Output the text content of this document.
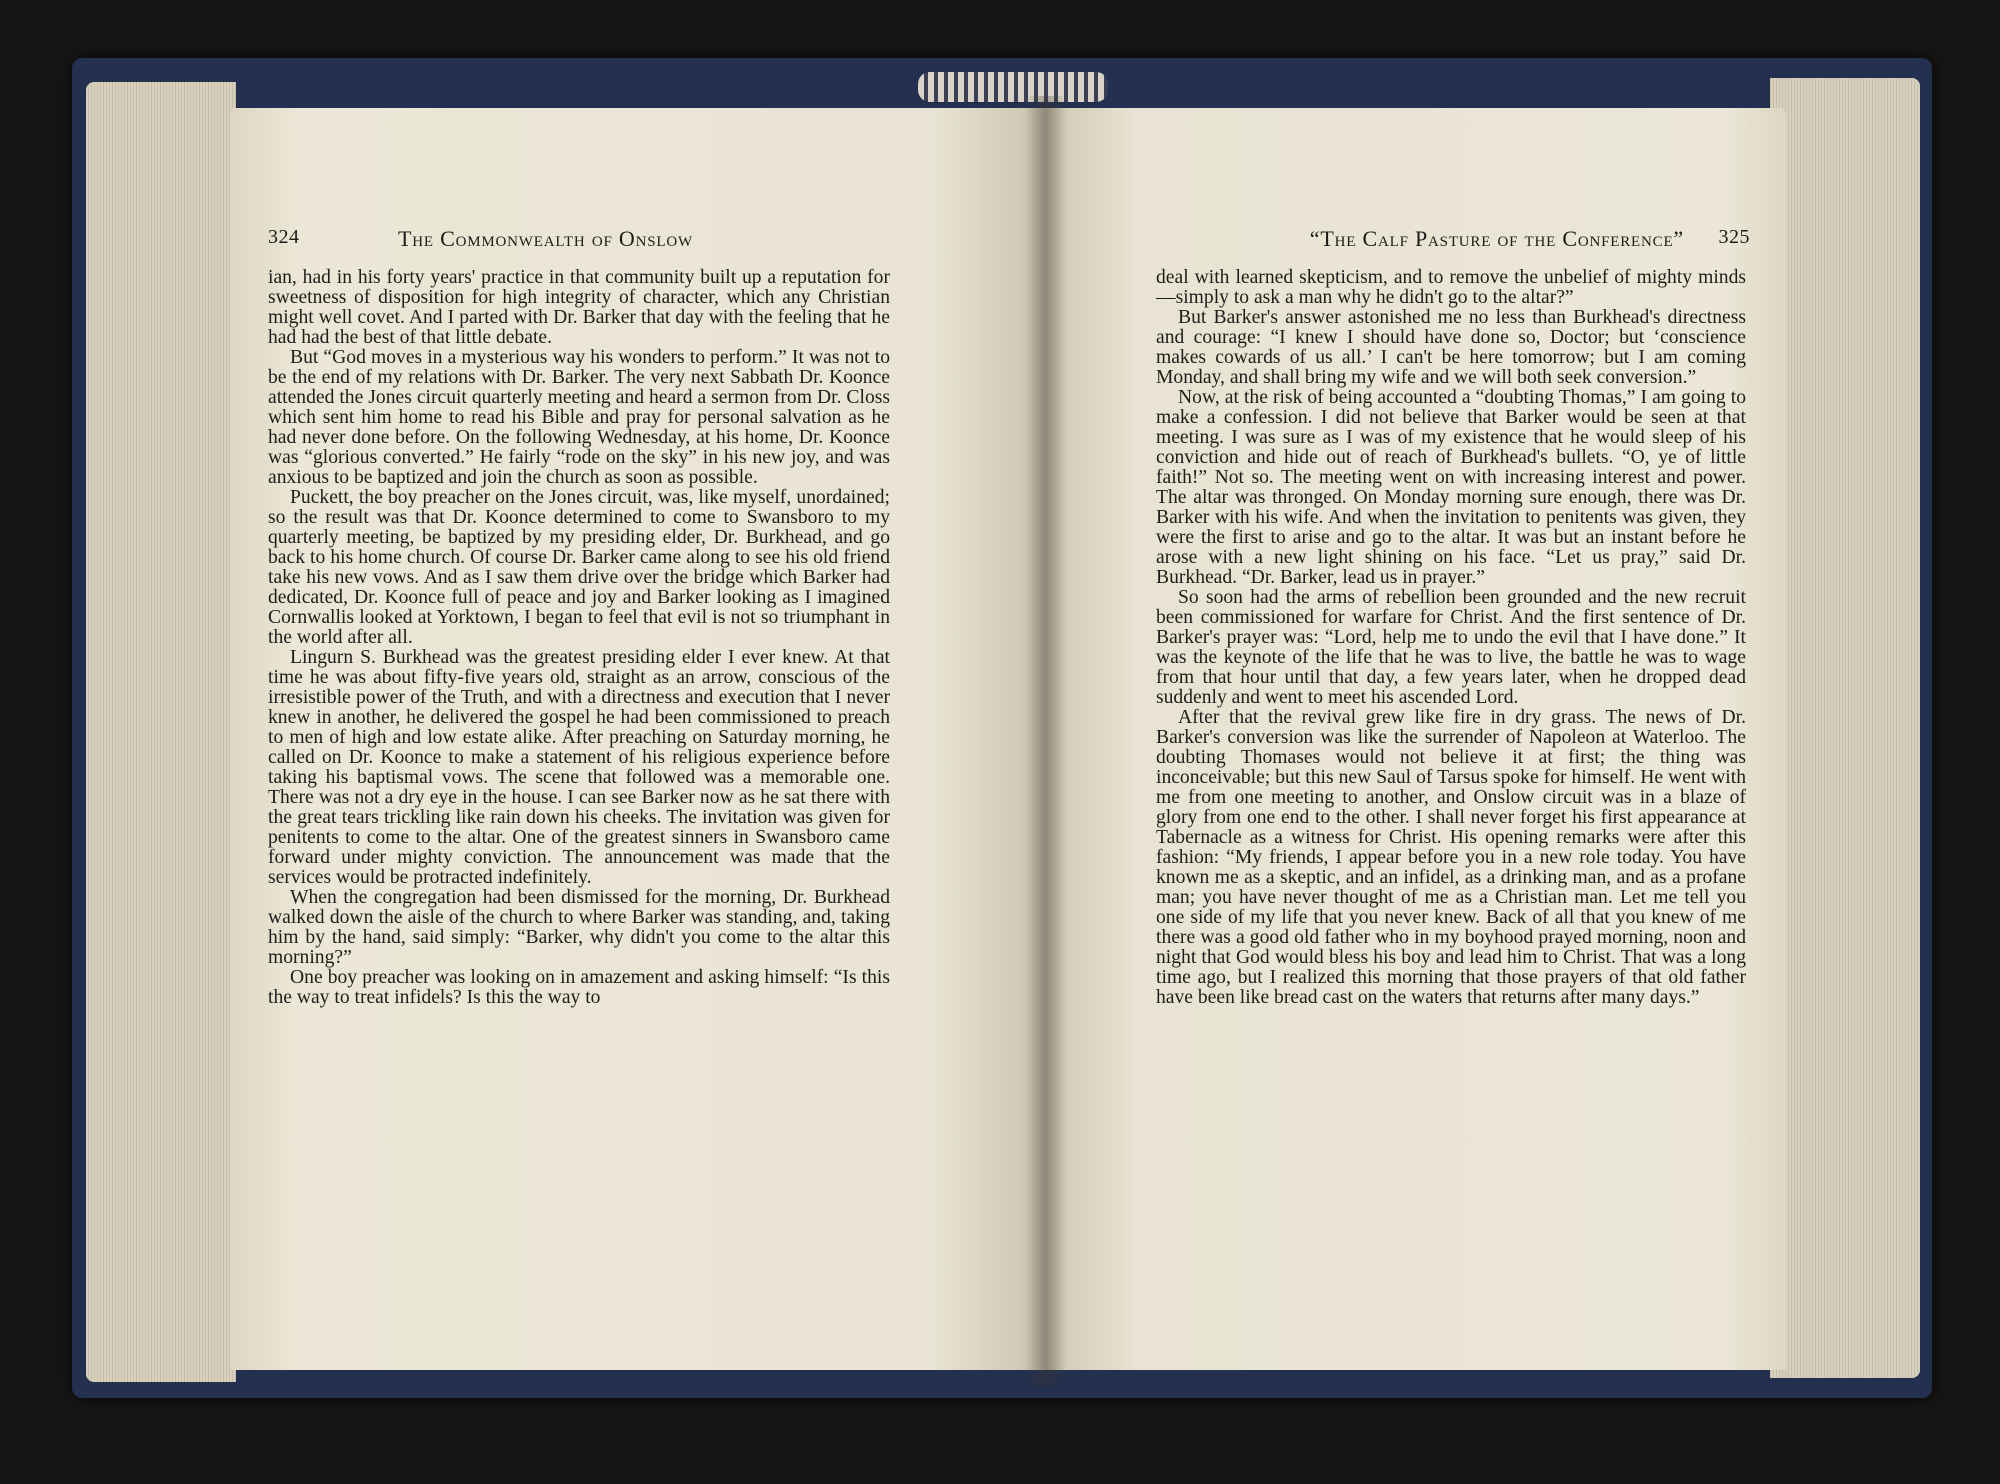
324	The Commonwealth of Onslow

ian, had in his forty years' practice in that community built up a reputation for sweetness of disposition for high integrity of character, which any Christian might well covet. And I parted with Dr. Barker that day with the feeling that he had had the best of that little debate.

But “God moves in a mysterious way his wonders to perform.” It was not to be the end of my relations with Dr. Barker. The very next Sabbath Dr. Koonce attended the Jones circuit quarterly meeting and heard a sermon from Dr. Closs which sent him home to read his Bible and pray for personal salvation as he had never done before. On the following Wednesday, at his home, Dr. Koonce was “glorious converted.” He fairly “rode on the sky” in his new joy, and was anxious to be baptized and join the church as soon as possible.

Puckett, the boy preacher on the Jones circuit, was, like myself, unordained; so the result was that Dr. Koonce determined to come to Swansboro to my quarterly meeting, be baptized by my presiding elder, Dr. Burkhead, and go back to his home church. Of course Dr. Barker came along to see his old friend take his new vows. And as I saw them drive over the bridge which Barker had dedicated, Dr. Koonce full of peace and joy and Barker looking as I imagined Cornwallis looked at Yorktown, I began to feel that evil is not so triumphant in the world after all.

Lingurn S. Burkhead was the greatest presiding elder I ever knew. At that time he was about fifty-five years old, straight as an arrow, conscious of the irresistible power of the Truth, and with a directness and execution that I never knew in another, he delivered the gospel he had been commissioned to preach to men of high and low estate alike. After preaching on Saturday morning, he called on Dr. Koonce to make a statement of his religious experience before taking his baptismal vows. The scene that followed was a memorable one. There was not a dry eye in the house. I can see Barker now as he sat there with the great tears trickling like rain down his cheeks. The invitation was given for penitents to come to the altar. One of the greatest sinners in Swansboro came forward under mighty conviction. The announcement was made that the services would be protracted indefinitely.

When the congregation had been dismissed for the morning, Dr. Burkhead walked down the aisle of the church to where Barker was standing, and, taking him by the hand, said simply: “Barker, why didn't you come to the altar this morning?”

One boy preacher was looking on in amazement and asking himself: “Is this the way to treat infidels? Is this the way to

“The Calf Pasture of the Conference” 325

deal with learned skepticism, and to remove the unbelief of mighty minds—simply to ask a man why he didn't go to the altar?”

But Barker's answer astonished me no less than Burkhead's directness and courage: “I knew I should have done so, Doctor; but ‘conscience makes cowards of us all.’ I can't be here tomorrow; but I am coming Monday, and shall bring my wife and we will both seek conversion.”

Now, at the risk of being accounted a “doubting Thomas,” I am going to make a confession. I did not believe that Barker would be seen at that meeting. I was sure as I was of my existence that he would sleep of his conviction and hide out of reach of Burkhead's bullets. “O, ye of little faith!” Not so. The meeting went on with increasing interest and power. The altar was thronged. On Monday morning sure enough, there was Dr. Barker with his wife. And when the invitation to penitents was given, they were the first to arise and go to the altar. It was but an instant before he arose with a new light shining on his face. “Let us pray,” said Dr. Burkhead. “Dr. Barker, lead us in prayer.”

So soon had the arms of rebellion been grounded and the new recruit been commissioned for warfare for Christ. And the first sentence of Dr. Barker's prayer was: “Lord, help me to undo the evil that I have done.” It was the keynote of the life that he was to live, the battle he was to wage from that hour until that day, a few years later, when he dropped dead suddenly and went to meet his ascended Lord.

After that the revival grew like fire in dry grass. The news of Dr. Barker's conversion was like the surrender of Napoleon at Waterloo. The doubting Thomases would not believe it at first; the thing was inconceivable; but this new Saul of Tarsus spoke for himself. He went with me from one meeting to another, and Onslow circuit was in a blaze of glory from one end to the other. I shall never forget his first appearance at Tabernacle as a witness for Christ. His opening remarks were after this fashion: “My friends, I appear before you in a new role today. You have known me as a skeptic, and an infidel, as a drinking man, and as a profane man; you have never thought of me as a Christian man. Let me tell you one side of my life that you never knew. Back of all that you knew of me there was a good old father who in my boyhood prayed morning, noon and night that God would bless his boy and lead him to Christ. That was a long time ago, but I realized this morning that those prayers of that old father have been like bread cast on the waters that returns after many days.”
